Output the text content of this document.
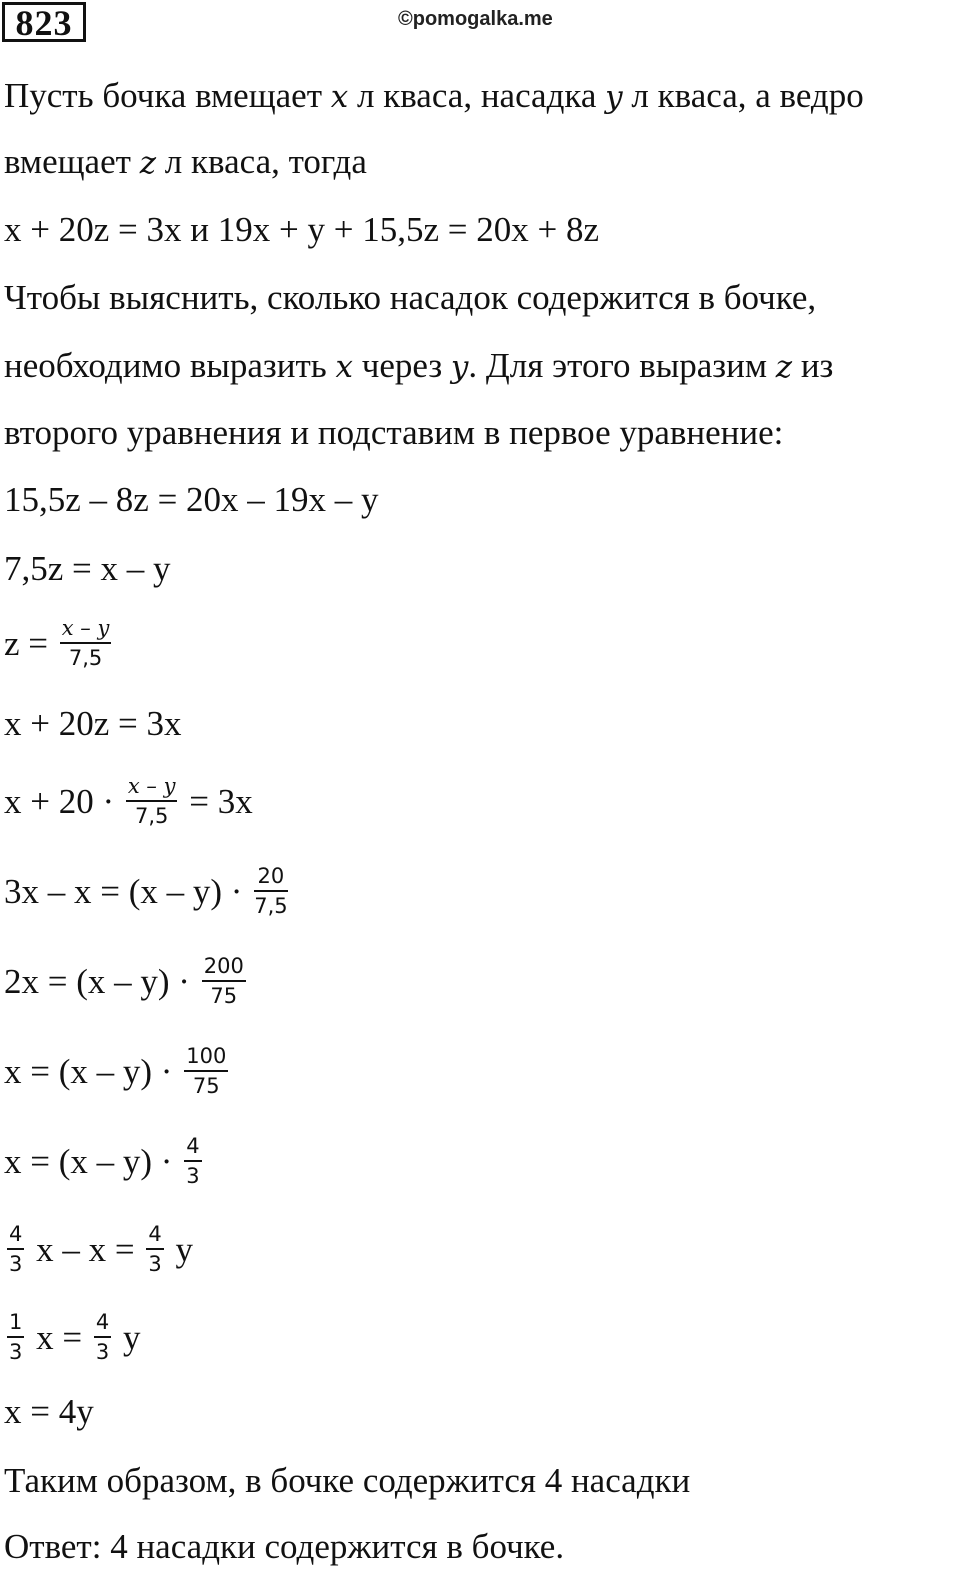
823	©pomogalka.me
Пусть бочка вмещает x л кваса, насадка y л кваса, а ведро
вмещает z л кваса, тогда
x + 20z = 3x и 19x + y + 15,5z = 20x + 8z
Чтобы выяснить, сколько насадок содержится в бочке,
необходимо выразить x через y. Для этого выразим z из
второго уравнения и подставим в первое уравнение:
15,5z – 8z = 20x – 19x – y
7,5z = x – y
$z = \frac{x - y}{7,5}$
x + 20z = 3x
$x + 20 \cdot \frac{x - y}{7,5} = 3x$
$3x - x = (x - y) \cdot \frac{20}{7,5}$
$2x = (x - y) \cdot \frac{200}{75}$
$x = (x - y) \cdot \frac{100}{75}$
$x = (x - y) \cdot \frac{4}{3}$
$\frac{4}{3}$ $x - x = \frac{4}{3}$ y
$\frac{1}{3}$ $x = \frac{4}{3}$ y
x = 4y
Таким образом, в бочке содержится 4 насадки
Ответ: 4 насадки содержится в бочке.
